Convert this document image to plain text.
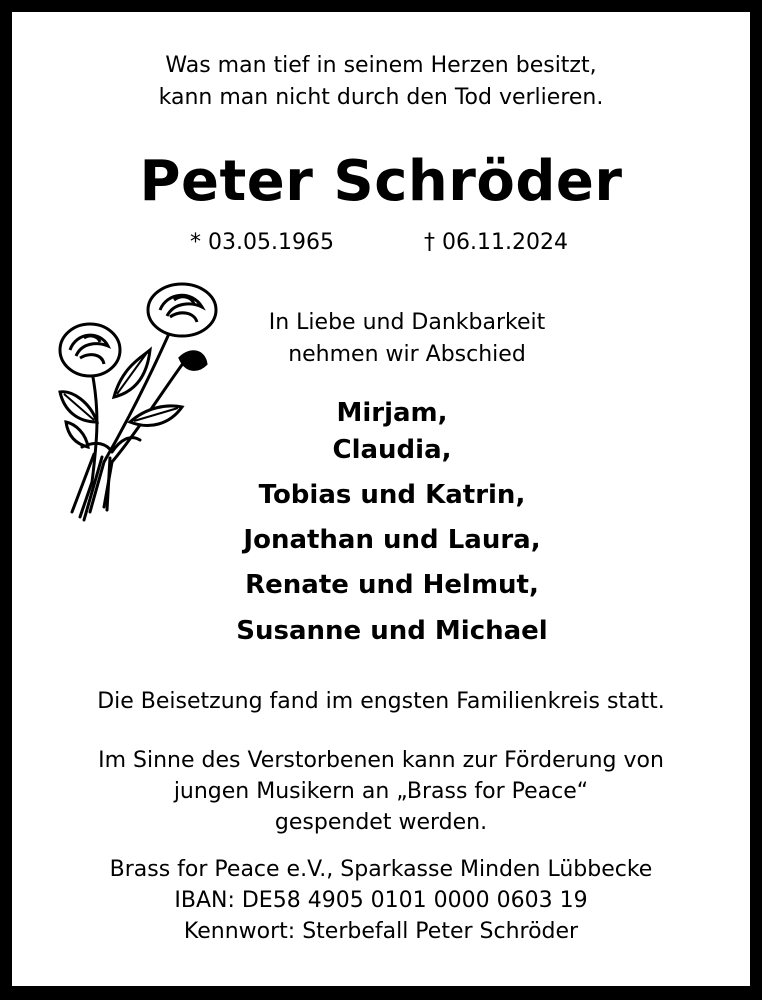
Was man tief in seinem Herzen besitzt,
kann man nicht durch den Tod verlieren.
Peter Schröder
* 03.05.1965	† 06.11.2024
In Liebe und Dankbarkeit
nehmen wir Abschied
Mirjam,
Claudia,
Tobias und Katrin,
Jonathan und Laura,
Renate und Helmut,
Susanne und Michael
Die Beisetzung fand im engsten Familienkreis statt.
Im Sinne des Verstorbenen kann zur Förderung von
jungen Musikern an „Brass for Peace“
gespendet werden.
Brass for Peace e.V., Sparkasse Minden Lübbecke
IBAN: DE58 4905 0101 0000 0603 19
Kennwort: Sterbefall Peter Schröder
